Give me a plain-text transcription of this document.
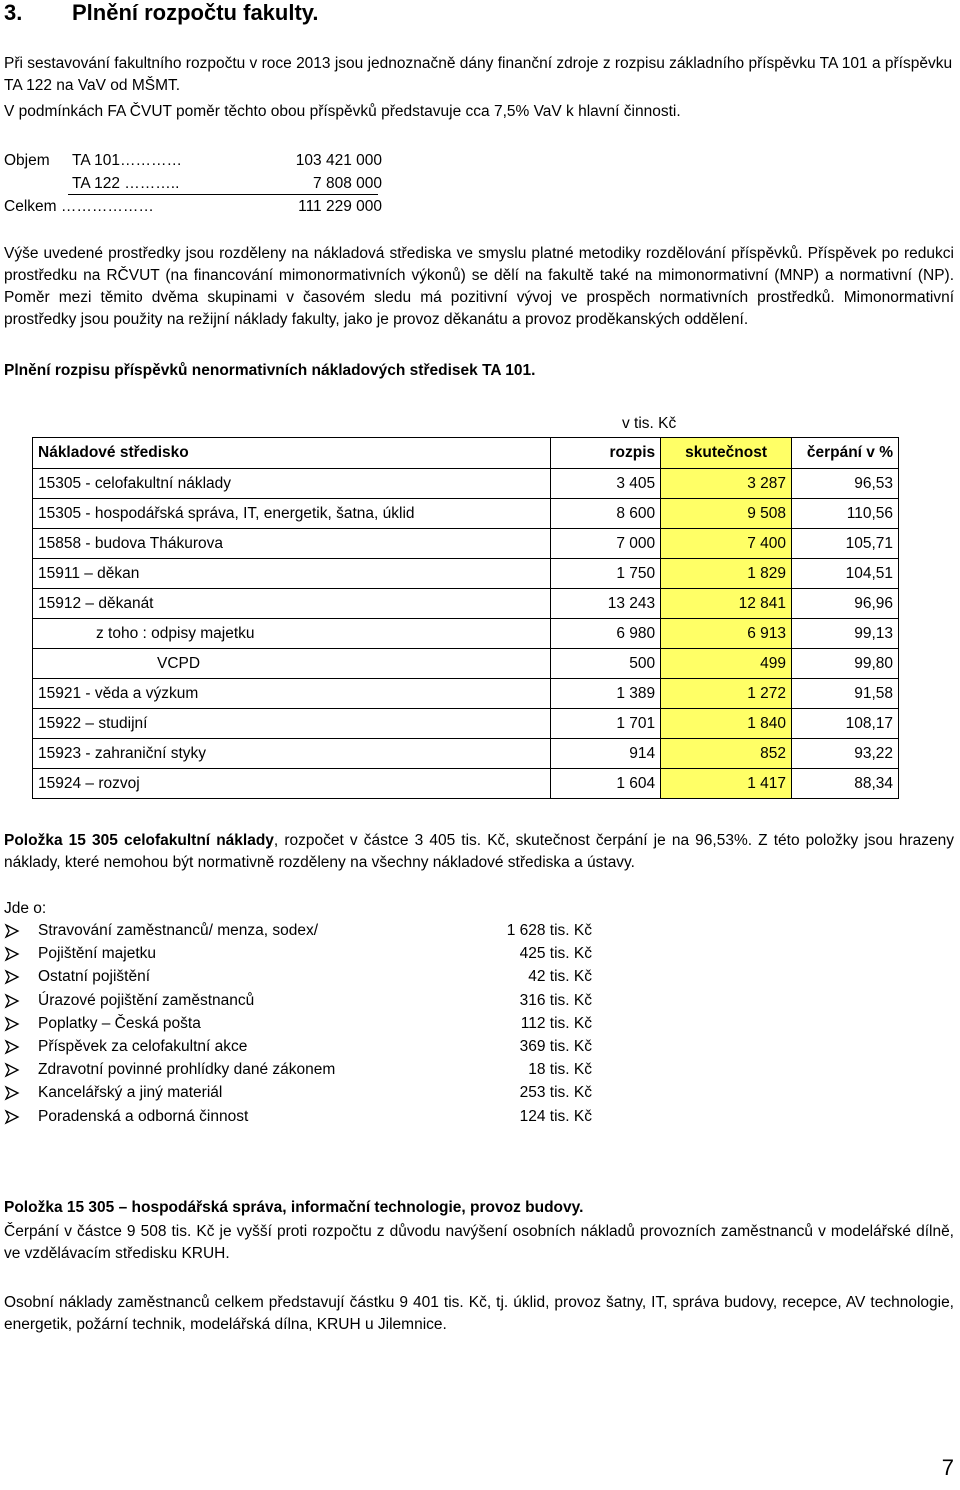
3. Plnění rozpočtu fakulty.

Při sestavování fakultního rozpočtu v roce 2013 jsou jednoznačně dány finanční zdroje z rozpisu základního příspěvku TA 101 a příspěvku TA 122 na VaV od MŠMT.

V podmínkách FA ČVUT poměr těchto obou příspěvků představuje cca 7,5% VaV k hlavní činnosti.

Objem TA 101…………	103 421 000
TA 122 ………..	7 808 000
Celkem ………………	111 229 000

Výše uvedené prostředky jsou rozděleny na nákladová střediska ve smyslu platné metodiky rozdělování příspěvků. Příspěvek po redukci prostředku na RČVUT (na financování mimonormativních výkonů) se dělí na fakultě také na mimonormativní (MNP) a normativní (NP). Poměr mezi těmito dvěma skupinami v časovém sledu má pozitivní vývoj ve prospěch normativních prostředků. Mimonormativní prostředky jsou použity na režijní náklady fakulty, jako je provoz děkanátu a provoz proděkanských oddělení.

Plnění rozpisu příspěvků nenormativních nákladových středisek TA 101.

v tis. Kč
Nákladové středisko	rozpis	skutečnost	čerpání v %
15305 - celofakultní náklady	3 405	3 287	96,53
15305 - hospodářská správa, IT, energetik, šatna, úklid	8 600	9 508	110,56
15858 - budova Thákurova	7 000	7 400	105,71
15911 – děkan	1 750	1 829	104,51
15912 – děkanát	13 243	12 841	96,96
z toho : odpisy majetku	6 980	6 913	99,13
VCPD	500	499	99,80
15921 - věda a výzkum	1 389	1 272	91,58
15922 – studijní	1 701	1 840	108,17
15923 - zahraniční styky	914	852	93,22
15924 – rozvoj	1 604	1 417	88,34

Položka 15 305 celofakultní náklady, rozpočet v částce 3 405 tis. Kč, skutečnost čerpání je na 96,53%. Z této položky jsou hrazeny náklady, které nemohou být normativně rozděleny na všechny nákladové střediska a ústavy.

Jde o:

Stravování zaměstnanců/ menza, sodex/	1 628 tis. Kč
Pojištění majetku	425 tis. Kč
Ostatní pojištění	42 tis. Kč
Úrazové pojištění zaměstnanců	316 tis. Kč
Poplatky – Česká pošta	112 tis. Kč
Příspěvek za celofakultní akce	369 tis. Kč
Zdravotní povinné prohlídky dané zákonem	18 tis. Kč
Kancelářský a jiný materiál	253 tis. Kč
Poradenská a odborná činnost	124 tis. Kč

Položka 15 305 – hospodářská správa, informační technologie, provoz budovy.

Čerpání v částce 9 508 tis. Kč je vyšší proti rozpočtu z důvodu navýšení osobních nákladů provozních zaměstnanců v modelářské dílně, ve vzdělávacím středisku KRUH.

Osobní náklady zaměstnanců celkem představují částku 9 401 tis. Kč, tj. úklid, provoz šatny, IT, správa budovy, recepce, AV technologie, energetik, požární technik, modelářská dílna, KRUH u Jilemnice.

7
